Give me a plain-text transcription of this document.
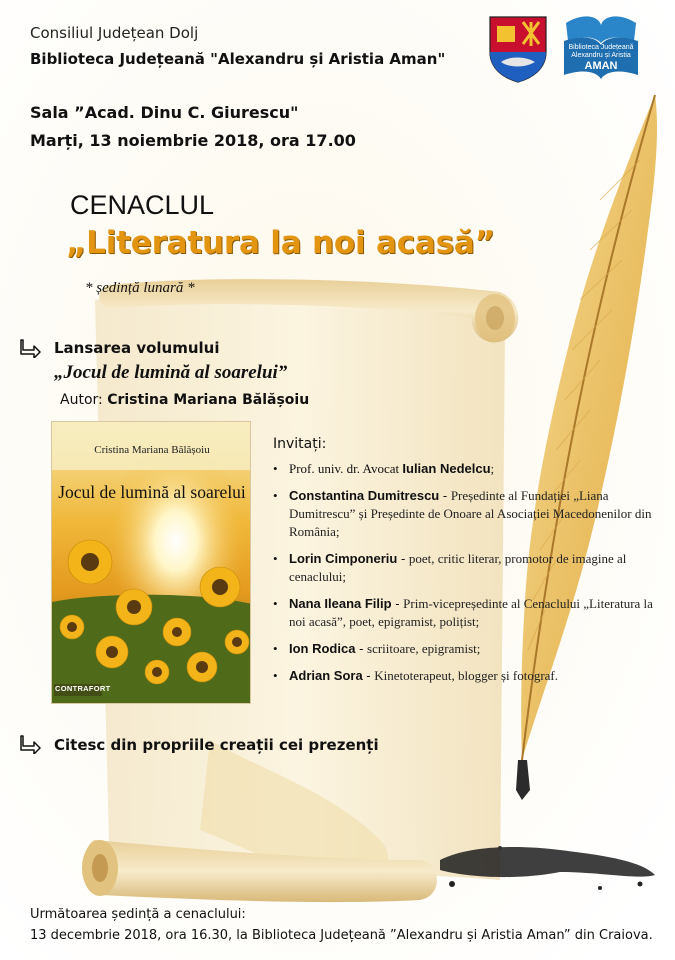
Biblioteca Județeană
Alexandru și Aristia
AMAN
Consiliul Județean Dolj
Biblioteca Județeană "Alexandru și Aristia Aman"
Sala ”Acad. Dinu C. Giurescu"
Marți, 13 noiembrie 2018, ora 17.00
CENACLUL
„Literatura la noi acasă”
* ședință lunară *
Lansarea volumului
„Jocul de lumină al soarelui”
Autor: Cristina Mariana Bălășoiu
Cristina Mariana Bălășoiu
Jocul de lumină al soarelui
CONTRAFORT
Invitați:
• Prof. univ. dr. Avocat Iulian Nedelcu;
• Constantina Dumitrescu - Președinte al Fundației „Liana Dumitrescu” și Președinte de Onoare al Asociației Macedonenilor din România;
• Lorin Cimponeriu - poet, critic literar, promotor de imagine al cenaclului;
• Nana Ileana Filip - Prim-vicepreședinte al Cenaclului „Literatura la noi acasă”, poet, epigramist, polițist;
• Ion Rodica - scriitoare, epigramist;
• Adrian Sora - Kinetoterapeut, blogger și fotograf.
Citesc din propriile creații cei prezenți
Următoarea ședință a cenaclului:
13 decembrie 2018, ora 16.30, la Biblioteca Județeană ”Alexandru și Aristia Aman” din Craiova.
